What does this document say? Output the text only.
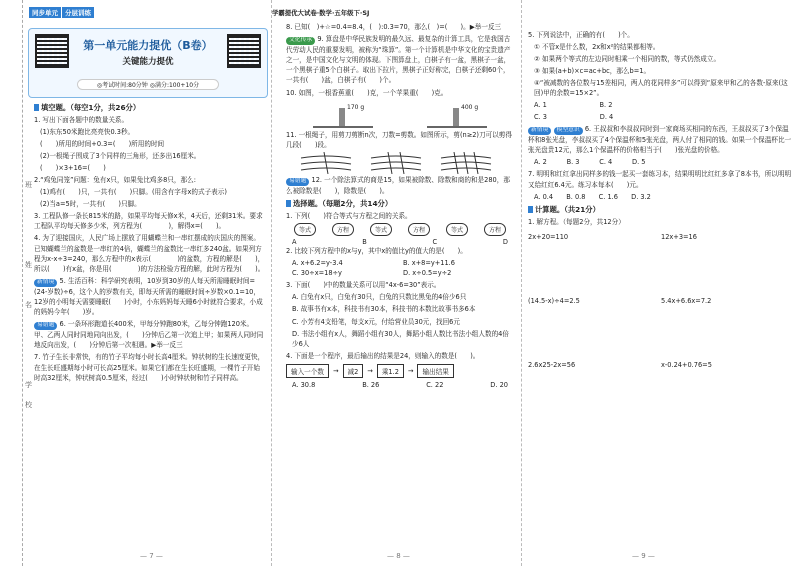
班
姓
名
学
校
同步单元 分层训练
第一单元能力提优（B卷）
关键能力提优
◎考试时间:80分钟 ◎满分:100+10分
填空题。（每空1分，共26分）
1. 写出下面各题中的数量关系。
(1)东东50米跑比亮亮快0.3秒。
(　　)所用的时间+0.3=(　　)所用的时间
(2)一根绳子围成了3个同样的三角形，还多出16厘米。
(　　)×3+16=(　　)
2.“鸡兔同笼”问题：兔有x只，如果兔比鸡多8只，那么:
(1)鸡有(　　)只，一共有(　　)只脚。(用含有字母x的式子表示)
(2)当a=5时，一共有(　　)只脚。
3. 工程队修一条长815米的路，如果平均每天修x米，4天后，还剩31米。要求工程队平均每天修多少米，列方程为(　　　　)，解得x=(　　)。
4. 为了迎接国庆，人民广场上摆放了用蝴蝶兰和一串红摆成的庆国庆的图案。已知蝴蝶兰的盆数是一串红的4倍，蝴蝶兰的盆数比一串红多240盆。如果列方程为x-x÷3=240，那么方程中的x表示(　　　　)的盆数，方程的解是(　　)，所以(　　)有x盆，你是用(　　　　)的方法检验方程的解，此时方程为(　　)。
新情境 5. 生活百科：科学研究表明，10岁到30岁的人每天所需睡眠时间=(24-岁数)÷6，这个人的岁数有关，即每天所需的睡眠时间÷岁数×0.1=10，12岁的小明每天需要睡眠(　　)小时，小东妈妈每天睡6小时就符合要求，小成的妈妈今年(　　)岁。
易错题 6. 一条环形跑道长400米，甲每分钟跑80米，乙每分钟跑120米。甲、乙两人同时同地同向出发，(　　)分钟后乙第一次追上甲；如果两人同时同地反向出发，(　　)分钟后第一次相遇。▶举一反三
7. 竹子生长非常快，有的竹子平均每小时长高4厘米。钟状树的生长速度更快，在生长旺盛期每小时可长高25厘米。如果它们都在生长旺盛期，一棵竹子开始时高32厘米，钟状树高0.5厘米，经过(　　)小时钟状树和竹子同样高。
— 7 —
学霸提优大试卷·数学·五年级下·SJ
8. 已知(　)+☆=0.4=8.4，(　):0.3=70，那么(　)=(　　)。▶举一反三
文化传承 9. 算盘是中华民族发明的最久远、最复杂的计算工具，它是我国古代劳动人民的重要发明，被称为“珠算”。第一个计算机是中华文化的宝贵遗产之一，是中国文化与文明的体现。下图算盘上，白棋子有一盆，黑棋子一盆，一个黑棋子重5个白棋子。取出下拉片，黑棋子正好称完，白棋子还剩60个，一共有(　　)盆，白棋子有(　　)个。
10. 如图，一根香蕉重(　　)克，一个苹果重(　　)克。
170 g	400 g
11. 一根绳子，用剪刀剪断n次，刀数=剪数。如图所示，剪(n≥2)刀可以剪得几段(　　)段。
易错题 12. 一个除法算式的商是15，如果被除数、除数和商的和是280，那么被除数是(　　)，除数是(　　)。
选择题。（每题2分，共14分）
1. 下列(　　)符合等式与方程之间的关系。
等式	方程	等式	方程	等式	方程
A	B	C	D
2. 比较下列方程中的x与y，其中x的值比y的值大的是(　　)。
A. x+6.2=y-3.4	B. x+8=y+11.6
C. 30÷x=18÷y	D. x÷0.5=y÷2
3. 下面(　　)中的数量关系可以用“4x-6=30”表示。
A. 白兔有x只，白兔有30只，白兔的只数比黑兔的4倍少6只
B. 故事书有x本，科技书有30本，科技书的本数比故事书多6本
C. 小芳有4支铅笔，每支x元，付给营业员30元，找回6元
D. 书法小组有x人，舞蹈小组有30人，舞蹈小组人数比书法小组人数的4倍少6人
4. 下面是一个程序，最后输出的结果是24，则输入的数是(　　)。
输入一个数	→	减2	→	乘1.2	→	输出结果
A. 30.8	B. 26	C. 22	D. 20
— 8 —
5. 下列说法中，正确的有(　　)个。
① 不管x是什么数，2x和x²的结果都相等。
② 如果两个等式的左边同时相乘一个相同的数，等式仍然成立。
③ 如果(a+b)×c=ac+bc，那么b=1。
④“被减数的各位数与15差相同，两人的花同样多”可以得到“原来甲和乙的各数-原来(这回)甲的余数=15×2”。
A. 1　　　　　　　　B. 2
C. 3　　　　　　　　D. 4
新情境 模型意识 6. 王叔叔和李叔叔同时到一家商场买相同的东西，王叔叔买了3个保温杯和8张光盘，李叔叔买了4个保温杯和5张光盘，两人付了相同的钱。如果一个保温杯比一张光盘贵12元，那么1个保温杯的价格相当于(　　)张光盘的价格。
A. 2　　　B. 3　　　C. 4　　　D. 5
7. 明明和红红拿出同样多的钱一起买一套练习本，结果明明比红红多拿了8本书，所以明明又给红红6.4元。练习本每本(　　)元。
A. 0.4　　B. 0.8　　C. 1.6　　D. 3.2
计算题。（共21分）
1. 解方程。（每题2分，共12分）
2x+20=110	12x+3=16
(14.5-x)÷4=2.5	5.4x+6.6x=7.2
2.6x25-2x=56	x-0.24+0.76=5
— 9 —
